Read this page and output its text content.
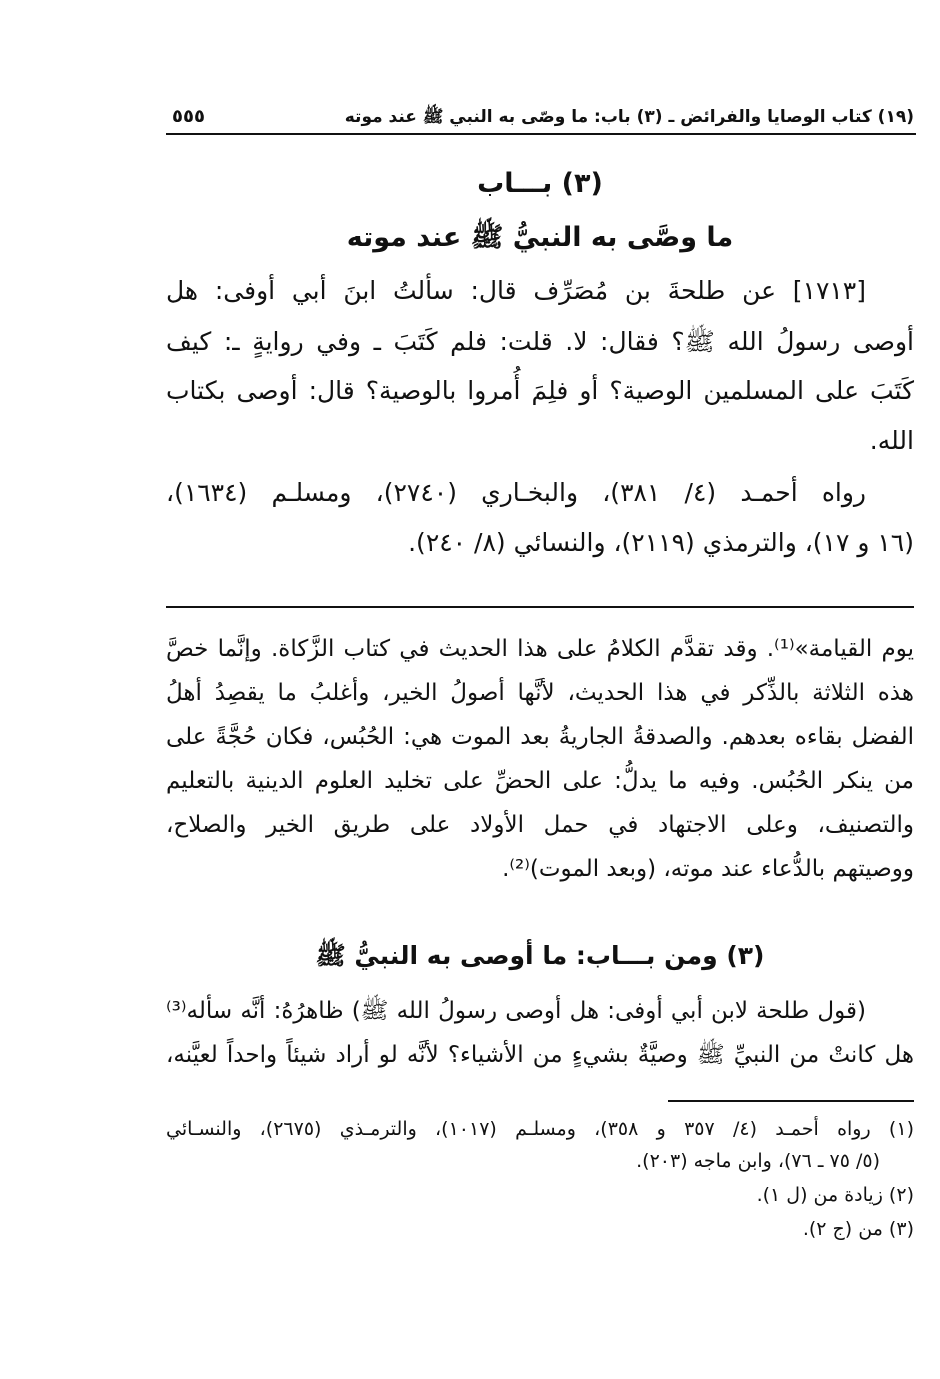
(١٩) كتاب الوصايا والفرائض ـ (٣) باب: ما وصّى به النبي ﷺ عند موته
٥٥٥
(٣) بـــاب
ما وصَّى به النبيُّ ﷺ عند موته
[١٧١٣] عن طلحةَ بن مُصَرِّف قال: سألتُ ابنَ أبي أوفى: هل
أوصى رسولُ الله ﷺ؟ فقال: لا. قلت: فلم كَتَبَ ـ وفي روايةٍ ـ: كيف
كَتَبَ على المسلمين الوصية؟ أو فلِمَ أُمروا بالوصية؟ قال: أوصى بكتاب
الله.
رواه أحمـد (٤/ ٣٨١)، والبخـاري (٢٧٤٠)، ومسلـم (١٦٣٤)،
(١٦ و ١٧)، والترمذي (٢١١٩)، والنسائي (٨/ ٢٤٠).
يوم القيامة»⁽¹⁾. وقد تقدَّم الكلامُ على هذا الحديث في كتاب الزَّكاة. وإنَّما خصَّ
هذه الثلاثة بالذِّكر في هذا الحديث، لأنَّها أصولُ الخير، وأغلبُ ما يقصِدُ أهلُ
الفضل بقاءه بعدهم. والصدقةُ الجاريةُ بعد الموت هي: الحُبُس، فكان حُجَّةً على
من ينكر الحُبُس. وفيه ما يدلُّ: على الحضِّ على تخليد العلوم الدينية بالتعليم
والتصنيف، وعلى الاجتهاد في حمل الأولاد على طريق الخير والصلاح،
ووصيتهم بالدُّعاء عند موته، (وبعد الموت)⁽²⁾.
(٣) ومن بـــاب: ما أوصى به النبيُّ ﷺ
(قول طلحة لابن أبي أوفى: هل أوصى رسولُ الله ﷺ) ظاهرُهُ: أنَّه سأله⁽³⁾
هل كانتْ من النبيِّ ﷺ وصيَّةٌ بشيءٍ من الأشياء؟ لأنَّه لو أراد شيئاً واحداً لعيَّنه،
(١) رواه أحمـد (٤/ ٣٥٧ و ٣٥٨)، ومسلـم (١٠١٧)، والترمـذي (٢٦٧٥)، والنسـائي
(٥/ ٧٥ ـ ٧٦)، وابن ماجه (٢٠٣).
(٢) زيادة من (ل ١).
(٣) من (ج ٢).
